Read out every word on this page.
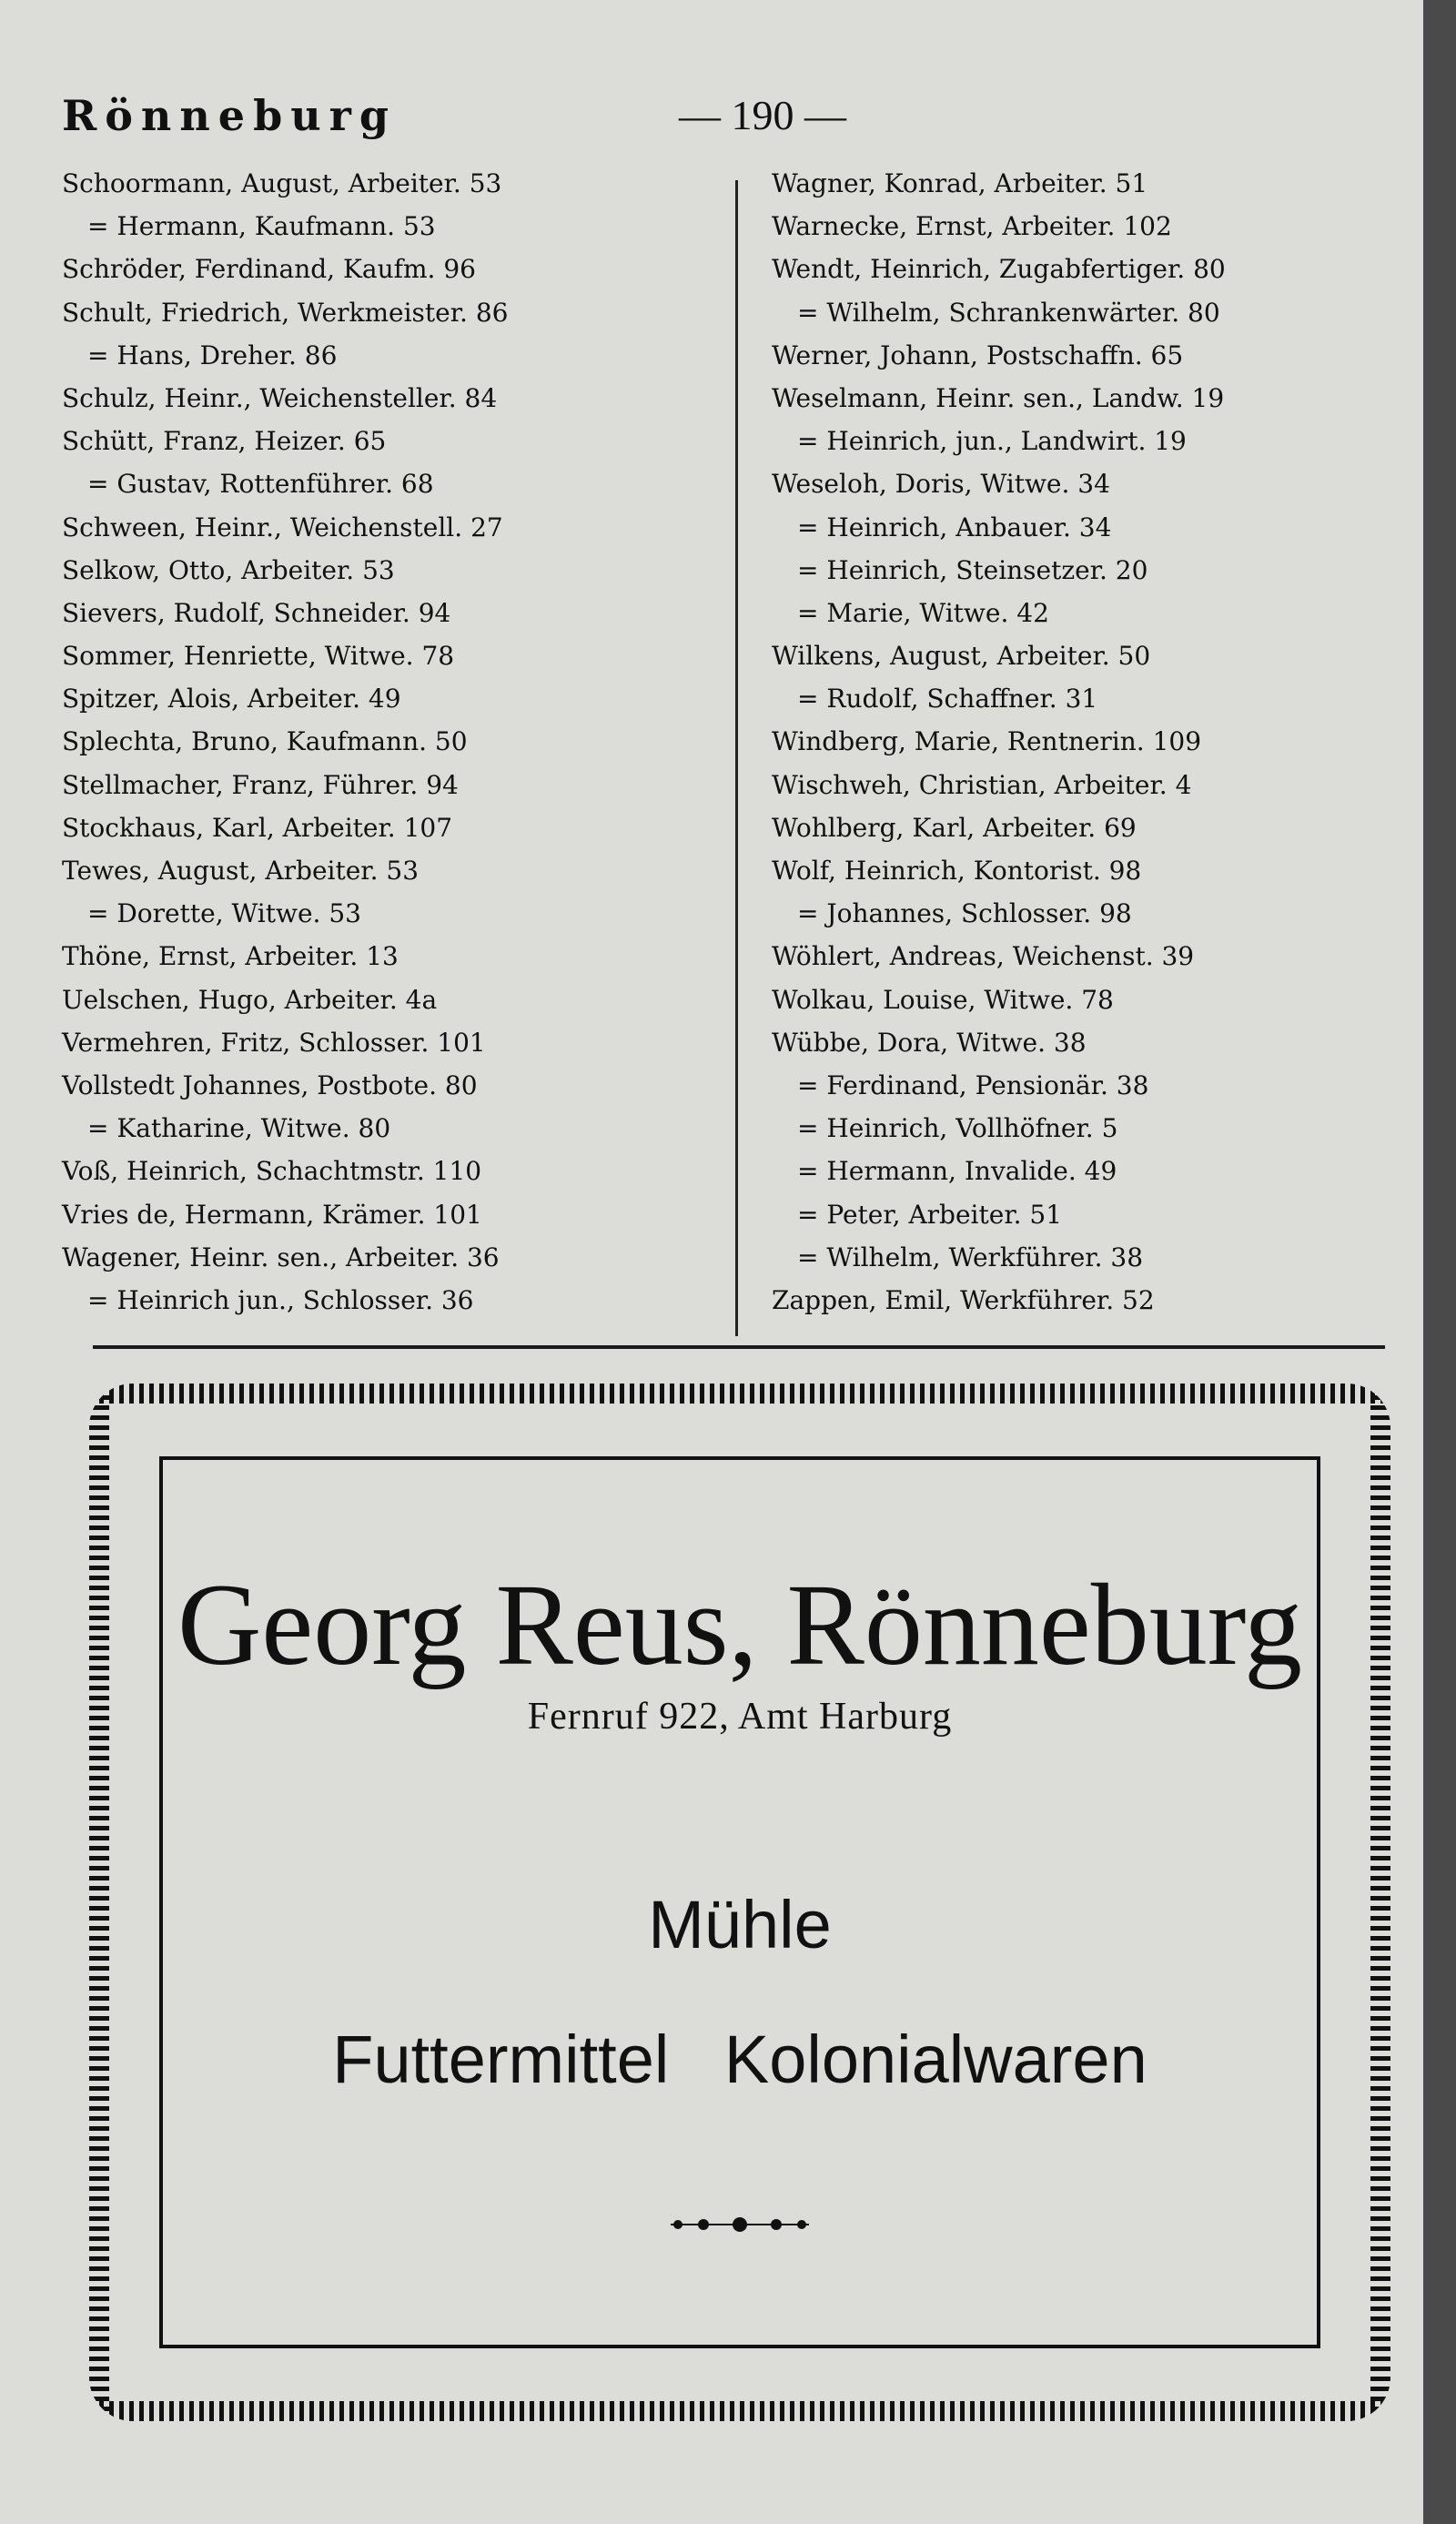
Rönneburg	— 190 —
Schoormann, August, Arbeiter. 53
= Hermann, Kaufmann. 53
Schröder, Ferdinand, Kaufm. 96
Schult, Friedrich, Werkmeister. 86
= Hans, Dreher. 86
Schulz, Heinr., Weichensteller. 84
Schütt, Franz, Heizer. 65
= Gustav, Rottenführer. 68
Schween, Heinr., Weichenstell. 27
Selkow, Otto, Arbeiter. 53
Sievers, Rudolf, Schneider. 94
Sommer, Henriette, Witwe. 78
Spitzer, Alois, Arbeiter. 49
Splechta, Bruno, Kaufmann. 50
Stellmacher, Franz, Führer. 94
Stockhaus, Karl, Arbeiter. 107
Tewes, August, Arbeiter. 53
= Dorette, Witwe. 53
Thöne, Ernst, Arbeiter. 13
Uelschen, Hugo, Arbeiter. 4a
Vermehren, Fritz, Schlosser. 101
Vollstedt Johannes, Postbote. 80
= Katharine, Witwe. 80
Voß, Heinrich, Schachtmstr. 110
Vries de, Hermann, Krämer. 101
Wagener, Heinr. sen., Arbeiter. 36
= Heinrich jun., Schlosser. 36
Wagner, Konrad, Arbeiter. 51
Warnecke, Ernst, Arbeiter. 102
Wendt, Heinrich, Zugabfertiger. 80
= Wilhelm, Schrankenwärter. 80
Werner, Johann, Postschaffn. 65
Weselmann, Heinr. sen., Landw. 19
= Heinrich, jun., Landwirt. 19
Weseloh, Doris, Witwe. 34
= Heinrich, Anbauer. 34
= Heinrich, Steinsetzer. 20
= Marie, Witwe. 42
Wilkens, August, Arbeiter. 50
= Rudolf, Schaffner. 31
Windberg, Marie, Rentnerin. 109
Wischweh, Christian, Arbeiter. 4
Wohlberg, Karl, Arbeiter. 69
Wolf, Heinrich, Kontorist. 98
= Johannes, Schlosser. 98
Wöhlert, Andreas, Weichenst. 39
Wolkau, Louise, Witwe. 78
Wübbe, Dora, Witwe. 38
= Ferdinand, Pensionär. 38
= Heinrich, Vollhöfner. 5
= Hermann, Invalide. 49
= Peter, Arbeiter. 51
= Wilhelm, Werkführer. 38
Zappen, Emil, Werkführer. 52
Georg Reus, Rönneburg
Fernruf 922, Amt Harburg
Mühle
Futtermittel Kolonialwaren
